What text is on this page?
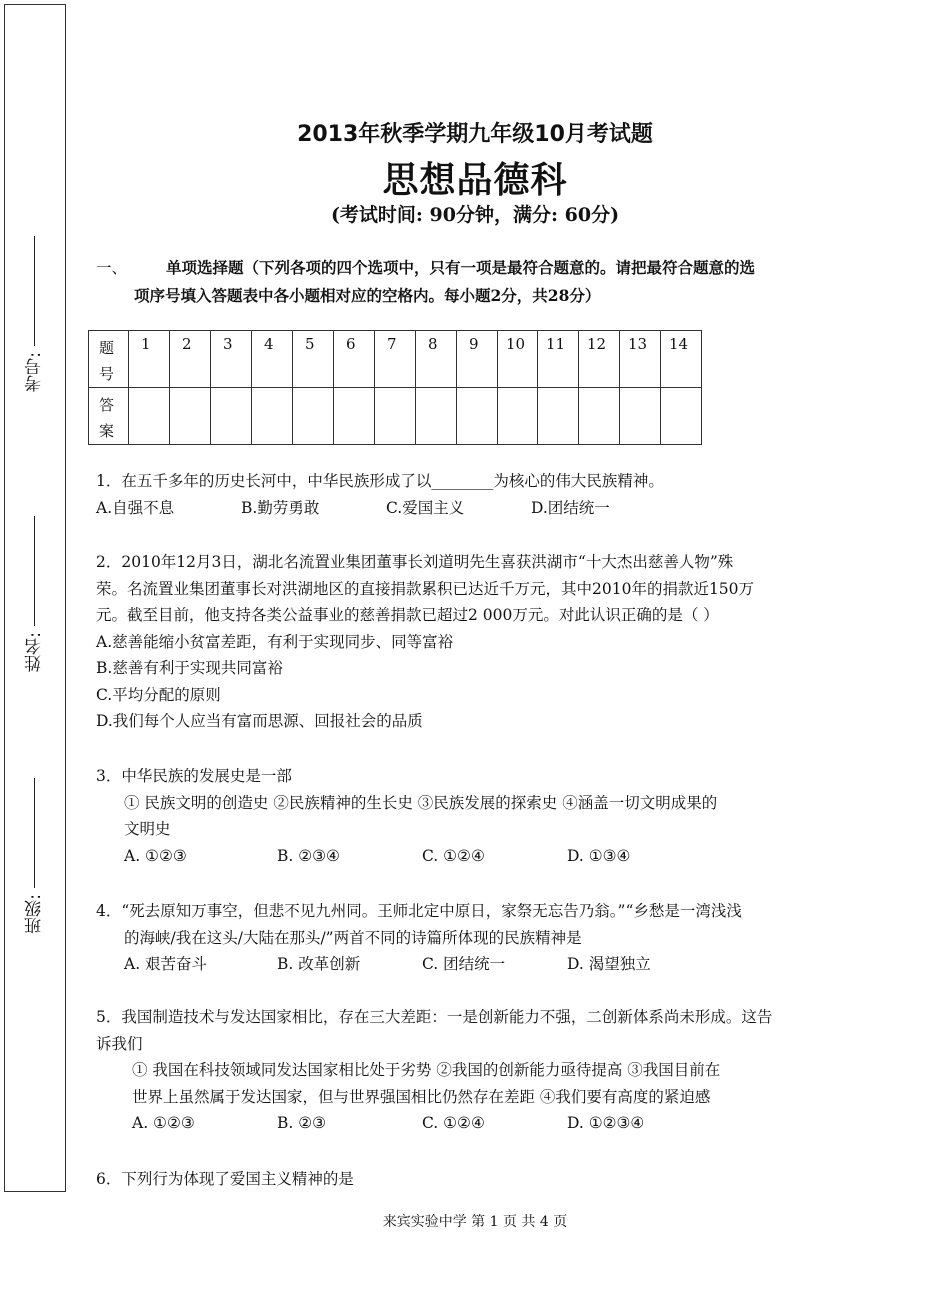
考号:
姓名:
班级:
2013年秋季学期九年级10月考试题
思想品德科
(考试时间: 90分钟，满分: 60分)
一、	单项选择题（下列各项的四个选项中，只有一项是最符合题意的。请把最符合题意的选
项序号填入答题表中各小题相对应的空格内。每小题2分，共28分）
题号	1	2	3	4	5	6	7	8	9	10	11	12	13	14
答案														
1．在五千多年的历史长河中，中华民族形成了以________为核心的伟大民族精神。
A.自强不息	B.勤劳勇敢	C.爱国主义	D.团结统一
2．2010年12月3日，湖北名流置业集团董事长刘道明先生喜获洪湖市“十大杰出慈善人物”殊
荣。名流置业集团董事长对洪湖地区的直接捐款累积已达近千万元，其中2010年的捐款近150万
元。截至目前，他支持各类公益事业的慈善捐款已超过2 000万元。对此认识正确的是（ ）
A.慈善能缩小贫富差距，有利于实现同步、同等富裕
B.慈善有利于实现共同富裕
C.平均分配的原则
D.我们每个人应当有富而思源、回报社会的品质
3．中华民族的发展史是一部
① 民族文明的创造史 ②民族精神的生长史 ③民族发展的探索史 ④涵盖一切文明成果的
文明史
A. ①②③	B. ②③④	C. ①②④	D. ①③④
4．“死去原知万事空，但悲不见九州同。王师北定中原日，家祭无忘告乃翁。”“乡愁是一湾浅浅
的海峡/我在这头/大陆在那头/”两首不同的诗篇所体现的民族精神是
A. 艰苦奋斗	B. 改革创新	C. 团结统一	D. 渴望独立
5．我国制造技术与发达国家相比，存在三大差距：一是创新能力不强，二创新体系尚未形成。这告
诉我们
① 我国在科技领域同发达国家相比处于劣势 ②我国的创新能力亟待提高 ③我国目前在
世界上虽然属于发达国家，但与世界强国相比仍然存在差距 ④我们要有高度的紧迫感
A. ①②③	B. ②③	C. ①②④	D. ①②③④
6．下列行为体现了爱国主义精神的是
来宾实验中学 第 1 页 共 4 页
